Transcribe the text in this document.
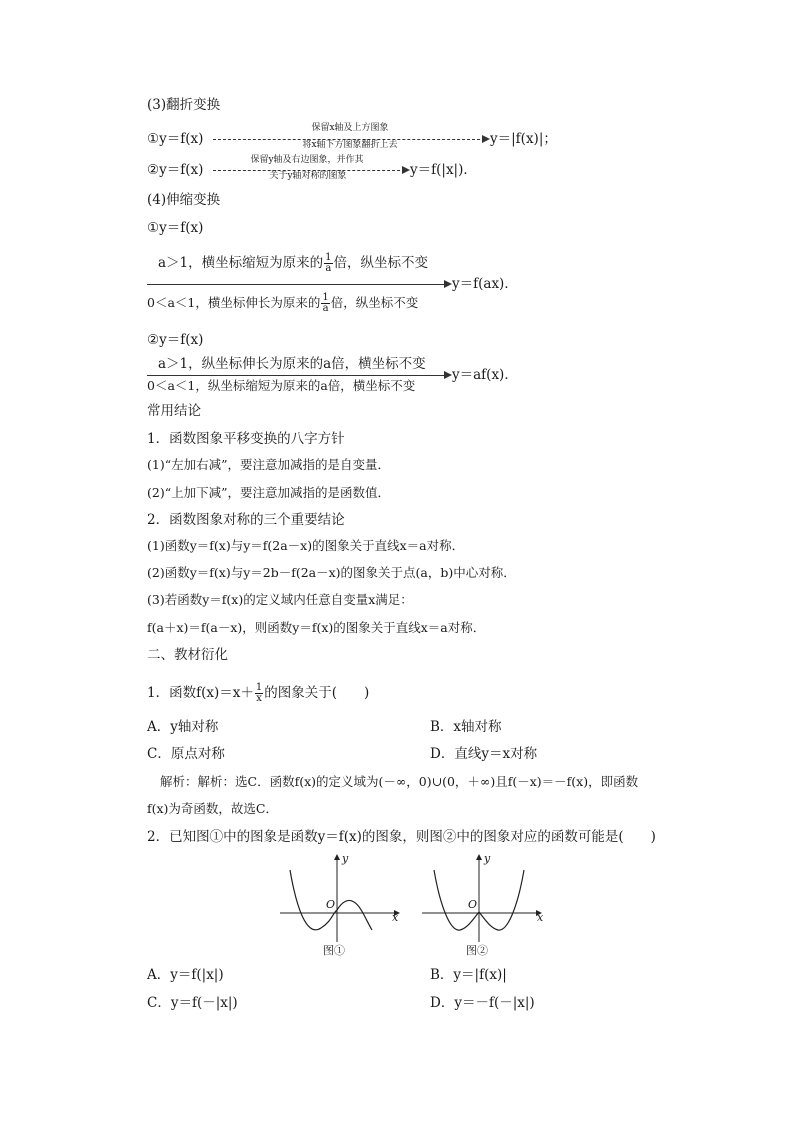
(3)翻折变换
①y＝f(x)
保留x轴及上方图象
将x轴下方图象翻折上去	y＝|f(x)|；
②y＝f(x)
保留y轴及右边图象，并作其
关于y轴对称的图象	y＝f(|x|)．
(4)伸缩变换
①y＝f(x)
a＞1，横坐标缩短为原来的 $\frac{1}{a}$ 倍，纵坐标不变
y＝f(ax)．
0＜a＜1，横坐标伸长为原来的 $\frac{1}{a}$ 倍，纵坐标不变
②y＝f(x)
a＞1，纵坐标伸长为原来的a倍，横坐标不变
y＝af(x)．
0＜a＜1，纵坐标缩短为原来的a倍，横坐标不变
常用结论
1．函数图象平移变换的八字方针
(1)“左加右减”，要注意加减指的是自变量．
(2)“上加下减”，要注意加减指的是函数值．
2．函数图象对称的三个重要结论
(1)函数y＝f(x)与y＝f(2a－x)的图象关于直线x＝a对称．
(2)函数y＝f(x)与y＝2b－f(2a－x)的图象关于点(a，b)中心对称．
(3)若函数y＝f(x)的定义域内任意自变量x满足：
f(a＋x)＝f(a－x)，则函数y＝f(x)的图象关于直线x＝a对称．
二、教材衍化
1．函数$f(x)=x+ \frac{1}{x}$ 的图象关于(　　)
A．y轴对称	B．x轴对称
C．原点对称	D．直线y＝x对称
解析：解析：选C．函数f(x)的定义域为(－∞，0)∪(0，＋∞)且f(－x)＝－f(x)，即函数
f(x)为奇函数，故选C．
2．已知图①中的图象是函数y＝f(x)的图象，则图②中的图象对应的函数可能是(　　)
y
x
O
图①
y
x
O
图②
A．y＝f(|x|)	B．y＝|f(x)|
C．y＝f(－|x|)	D．y＝－f(－|x|)
